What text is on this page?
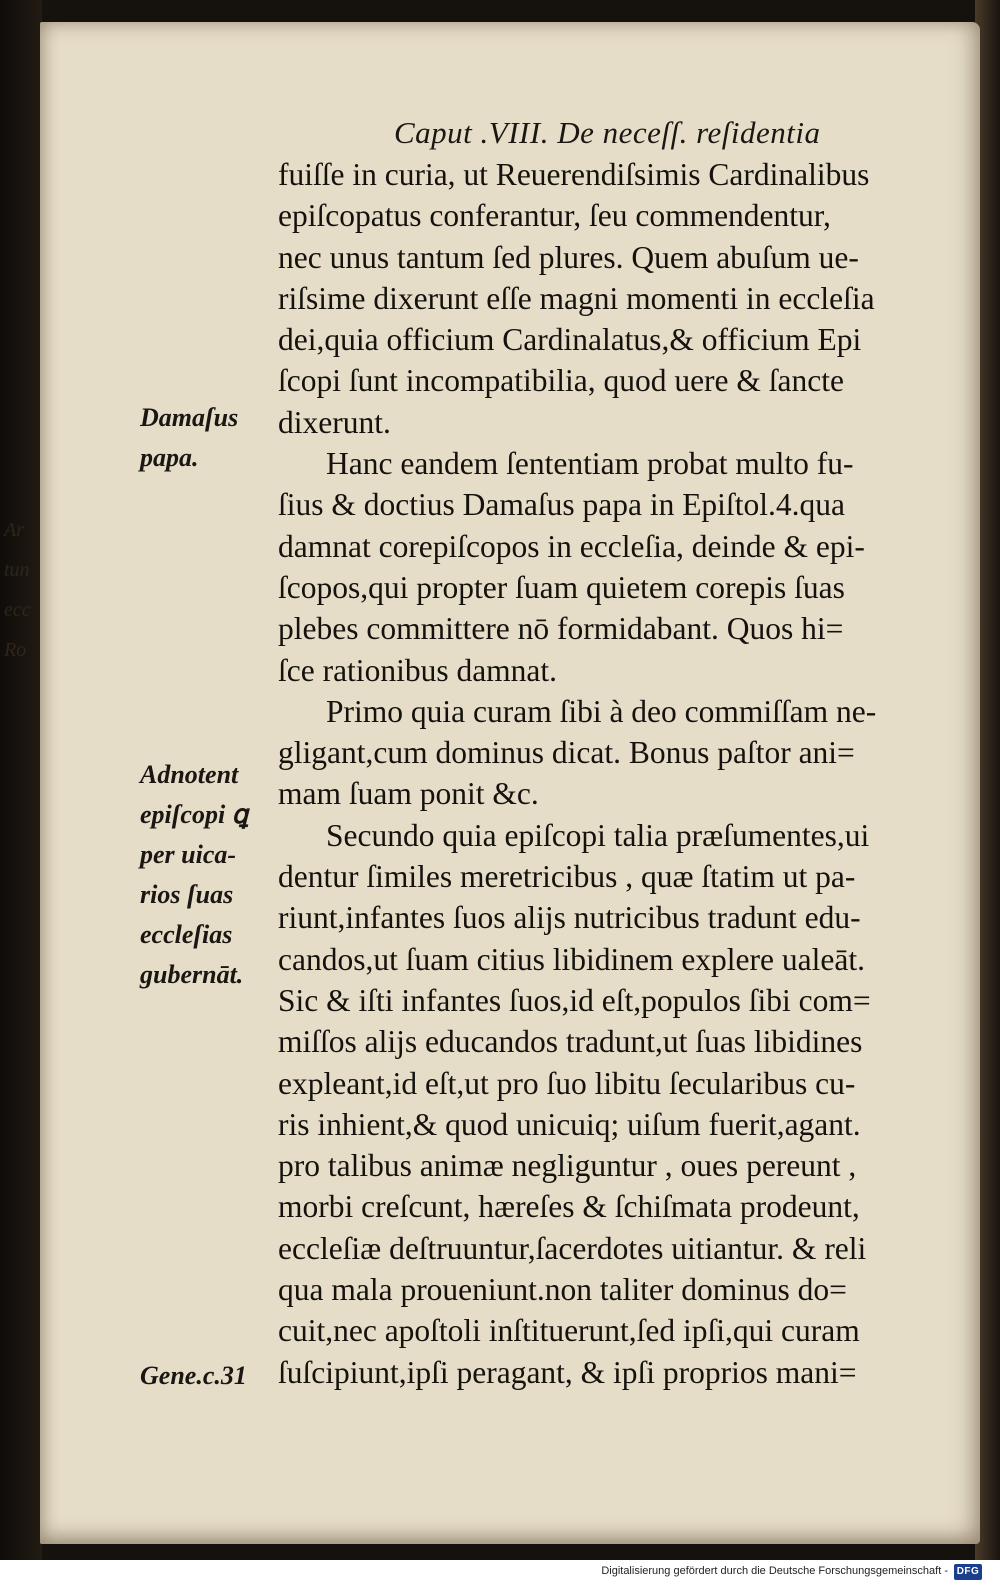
Ar
tun
ecc
Ro
Caput .VIII. De neceſſ. reſidentia
fuiſſe in curia, ut Reuerendiſsimis Cardinalibus
epiſcopatus conferantur, ſeu commendentur,
nec unus tantum ſed plures. Quem abuſum ue-
riſsime dixerunt eſſe magni momenti in eccleſia
dei,quia officium Cardinalatus,& officium Epi
ſcopi ſunt incompatibilia, quod uere & ſancte
dixerunt.
Hanc eandem ſententiam probat multo fu-
ſius & doctius Damaſus papa in Epiſtol.4.qua
damnat corepiſcopos in eccleſia, deinde & epi-
ſcopos,qui propter ſuam quietem corepis ſuas
plebes committere nō formidabant. Quos hi=
ſce rationibus damnat.
Primo quia curam ſibi à deo commiſſam ne-
gligant,cum dominus dicat. Bonus paſtor ani=
mam ſuam ponit &c.
Secundo quia epiſcopi talia præſumentes,ui
dentur ſimiles meretricibus , quæ ſtatim ut pa-
riunt,infantes ſuos alijs nutricibus tradunt edu-
candos,ut ſuam citius libidinem explere ualeāt.
Sic & iſti infantes ſuos,id eſt,populos ſibi com=
miſſos alijs educandos tradunt,ut ſuas libidines
expleant,id eſt,ut pro ſuo libitu ſecularibus cu-
ris inhient,& quod unicuiq; uiſum fuerit,agant.
pro talibus animæ negliguntur , oues pereunt ,
morbi creſcunt, hæreſes & ſchiſmata prodeunt,
eccleſiæ deſtruuntur,ſacerdotes uitiantur. & reli
qua mala proueniunt.non taliter dominus do=
cuit,nec apoſtoli inſtituerunt,ſed ipſi,qui curam
ſuſcipiunt,ipſi peragant, & ipſi proprios mani=
Damaſus
papa.
Adnotent
epiſcopi ꝗ
per uica-
rios ſuas
eccleſias
gubernāt.
Gene.c.31
Digitalisierung gefördert durch die Deutsche Forschungsgemeinschaft - DFG
